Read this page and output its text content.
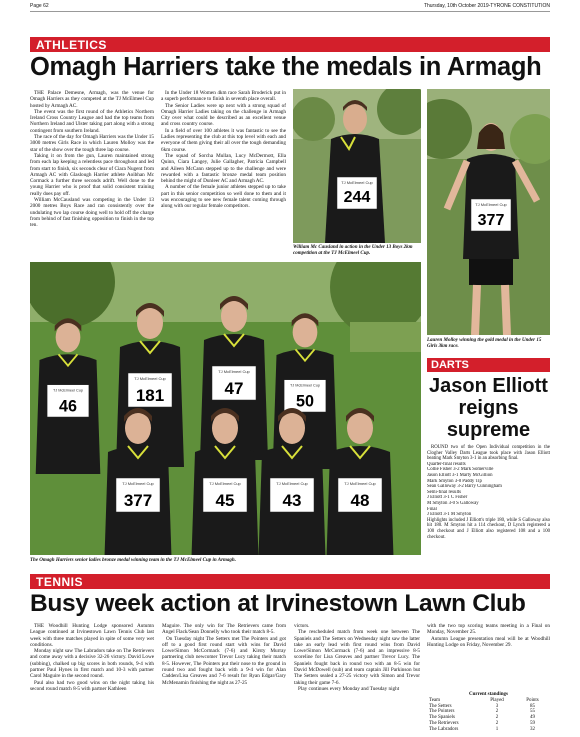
Page 62	Thursday, 10th October 2019-TYRONE CONSTITUTION
ATHLETICS
Omagh Harriers take the medals in Armagh

THE Palace Demesne, Armagh, was the venue for Omagh Harriers as they competed at the TJ McElmeel Cup hosted by Armagh AC.

The event was the first round of the Athletics Northern Ireland Cross Country League and had the top teams from Northern Ireland and Ulster taking part along with a strong contingent from southern Ireland.

The race of the day for Omagh Harriers was the Under 15 3000 metres Girls Race in which Lauren Molloy was the star of the show over the tough three lap course.

Taking it on from the gun, Lauren maintained strong from each lap keeping a relentless pace throughout and led from start to finish, six seconds clear of Ciara Nugent from Armagh AC with Glaslough Harrier athlete Aoibhan Mc Cormack a further three seconds adrift. Well done to the young Harrier who is proof that solid consistent training really does pay off.

William McCausland was competing in the Under 13 2000 metres Boys Race and ran consistently over the undulating two lap course doing well to hold off the charge from behind of fast finishing opposition to finish in the top ten.

In the Under 18 Women 4km race Sarah Broderick put in a superb performance to finish in seventh place overall.

The Senior Ladies were up next with a strong squad of Omagh Harrier Ladies taking on the challenge in Armagh City over what could be described as an excellent venue and cross country course.

In a field of over 100 athletes it was fantastic to see the Ladies representing the club at this top level with each and everyone of them giving their all over the tough demanding 6km course.

The squad of Sorcha Mullan, Lucy McDermott, Ella Quinn, Ciara Langey, Julie Gallagher, Patricia Campbell and Aileen McCann stepped up to the challenge and were rewarded with a fantastic bronze medal team position behind the might of Dunleer AC and Armagh AC.

A number of the female junior athletes stepped up to take part in this senior competition so well done to them and it was encouraging to see new female talent coming through along with our regular female competitors.

TJ McElmeel Cup
244
William Mc Causland in action in the Under 13 Boys 2km competition at the TJ McElmeel Cup.
TJ McElmeel Cup
377
Lauren Molloy winning the gold medal in the Under 15 Girls 3km race.
TJ McElmeel Cup
46
TJ McElmeel Cup
181
TJ McElmeel Cup
47	TJ McElmeel Cup
50
TJ McElmeel Cup
377
TJ McElmeel Cup
45
TJ McElmeel Cup
43
TJ McElmeel Cup
48
The Omagh Harriers senior ladies bronze medal winning team in the TJ McElmeel Cup in Armagh.
DARTS
Jason Elliott
reigns
supreme

ROUND two of the Open Individual competition in the Clogher Valley Darts League took place with Jason Elliott beating Mark Smyton 3-1 in an absorbing final.

Quarter-final results
Collie Fisher 3-2 Mark Somerville
Jason Elliott 3-1 Marty McGillion
Mark Smyton 3-0 Paddy Tip
Sean Galloway 3-2 Barry Cunningham
Semi-final results
J Elliott 3-1 C Fisher
M Smyton 3-0 S Galloway
Final
J Elliott 3-1 M Smyton

Highlights included J Elliott's triple 180, while S Galloway also hit 180. M Smyton hit a 114 checkout, D Lynch registered a 100 checkout and J Elliott also registered 108 and a 100 checkout.

TENNIS
Busy week action at Irvinestown Lawn Club

THE Woodhill Hunting Lodge sponsored Autumn League continued at Irvinestown Lawn Tennis Club last week with three matches played in spite of some very wet conditions.

Monday night saw The Labradors take on The Retrievers and come away with a decisive 32-26 victory. David Lowe (subbing), chalked up big scores in both rounds, 9-4 with partner Paul Hynes in first match and 10-3 with partner Carol Maguire in the second round.

Paul also had two good wins on the night taking his second round match 8-5 with partner Kathleen

Maguire. The only win for The Retrievers came from Angel Flack/Sean Donnelly who took their match 8-5.

On Tuesday night The Setters met The Pointers and got off to a good first round start with wins for David Lowe/Simon McCormack (7-6) and Kirsty Murray partnering club newcomer Trevor Lucy taking their match 8-5. However, The Pointers put their nose to the ground in round two and fought back with a 9-4 win for Alan Cadden/Lisa Greaves and 7-6 result for Ryan Edgar/Gary McMenamin finishing the night as 27-25

victors.

The rescheduled match from week one between The Spaniels and The Setters on Wednesday night saw the latter take an early lead with first round wins from David Lowe/Simon McCormack (7-6) and an impressive 8-5 scoreline for Lisa Greaves and partner Trevor Lucy. The Spaniels fought back in round two with an 8-5 win for David McDowell (sub) and team captain Jill Parkinson but The Setters sealed a 27-25 victory with Simon and Trevor taking their game 7-6.

Play continues every Monday and Tuesday night

with the two top scoring teams meeting in a Final on Monday, November 25.

Autumn League presentation meal will be at Woodhill Hunting Lodge on Friday, November 29.

Current standings
Team	Played	Points
The Setters	3	85
The Pointers	2	55
The Spaniels	2	49
The Retrievers	2	59
The Labradors	1	32
